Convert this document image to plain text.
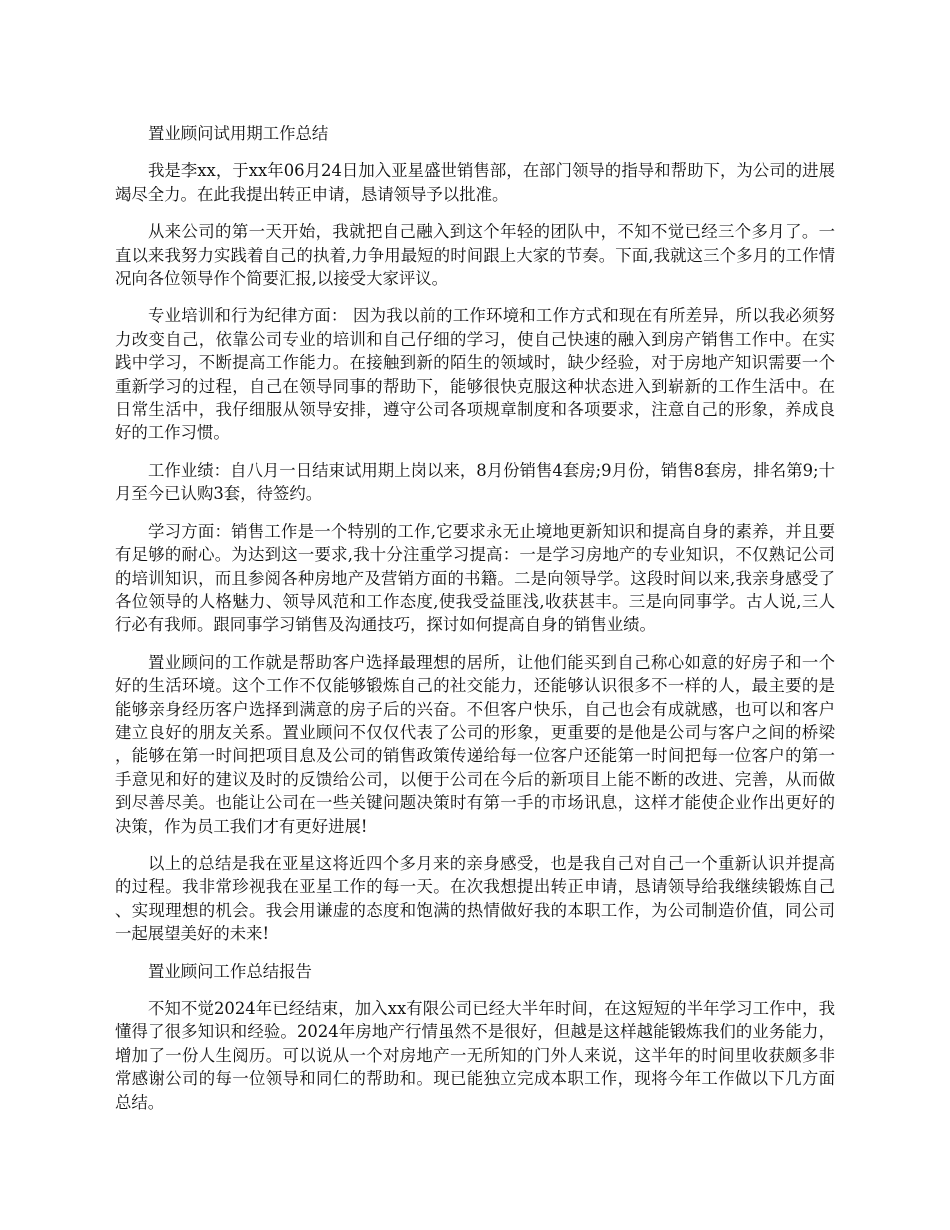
置业顾问试用期工作总结

我是李xx，于xx年06月24日加入亚星盛世销售部，在部门领导的指导和帮助下，为公司的进展竭尽全力。在此我提出转正申请，恳请领导予以批准。

从来公司的第一天开始，我就把自己融入到这个年轻的团队中，不知不觉已经三个多月了。一直以来我努力实践着自己的执着,力争用最短的时间跟上大家的节奏。下面,我就这三个多月的工作情况向各位领导作个简要汇报,以接受大家评议。

专业培训和行为纪律方面： 因为我以前的工作环境和工作方式和现在有所差异，所以我必须努力改变自己，依靠公司专业的培训和自己仔细的学习，使自己快速的融入到房产销售工作中。在实践中学习，不断提高工作能力。在接触到新的陌生的领域时，缺少经验，对于房地产知识需要一个重新学习的过程，自己在领导同事的帮助下，能够很快克服这种状态进入到崭新的工作生活中。在日常生活中，我仔细服从领导安排，遵守公司各项规章制度和各项要求，注意自己的形象，养成良好的工作习惯。

工作业绩：自八月一日结束试用期上岗以来，8月份销售4套房;9月份，销售8套房，排名第9;十月至今已认购3套，待签约。

学习方面：销售工作是一个特别的工作,它要求永无止境地更新知识和提高自身的素养，并且要有足够的耐心。为达到这一要求,我十分注重学习提高：一是学习房地产的专业知识，不仅熟记公司的培训知识，而且参阅各种房地产及营销方面的书籍。二是向领导学。这段时间以来,我亲身感受了各位领导的人格魅力、领导风范和工作态度,使我受益匪浅,收获甚丰。三是向同事学。古人说,三人行必有我师。跟同事学习销售及沟通技巧，探讨如何提高自身的销售业绩。

置业顾问的工作就是帮助客户选择最理想的居所，让他们能买到自己称心如意的好房子和一个好的生活环境。这个工作不仅能够锻炼自己的社交能力，还能够认识很多不一样的人，最主要的是能够亲身经历客户选择到满意的房子后的兴奋。不但客户快乐，自己也会有成就感，也可以和客户建立良好的朋友关系。置业顾问不仅仅代表了公司的形象，更重要的是他是公司与客户之间的桥梁，能够在第一时间把项目息及公司的销售政策传递给每一位客户还能第一时间把每一位客户的第一手意见和好的建议及时的反馈给公司，以便于公司在今后的新项目上能不断的改进、完善，从而做到尽善尽美。也能让公司在一些关键问题决策时有第一手的市场讯息，这样才能使企业作出更好的决策，作为员工我们才有更好进展!

以上的总结是我在亚星这将近四个多月来的亲身感受，也是我自己对自己一个重新认识并提高的过程。我非常珍视我在亚星工作的每一天。在次我想提出转正申请，恳请领导给我继续锻炼自己、实现理想的机会。我会用谦虚的态度和饱满的热情做好我的本职工作，为公司制造价值，同公司一起展望美好的未来!

置业顾问工作总结报告

不知不觉2024年已经结束，加入xx有限公司已经大半年时间，在这短短的半年学习工作中，我懂得了很多知识和经验。2024年房地产行情虽然不是很好，但越是这样越能锻炼我们的业务能力，增加了一份人生阅历。可以说从一个对房地产一无所知的门外人来说，这半年的时间里收获颇多非常感谢公司的每一位领导和同仁的帮助和。现已能独立完成本职工作，现将今年工作做以下几方面总结。
